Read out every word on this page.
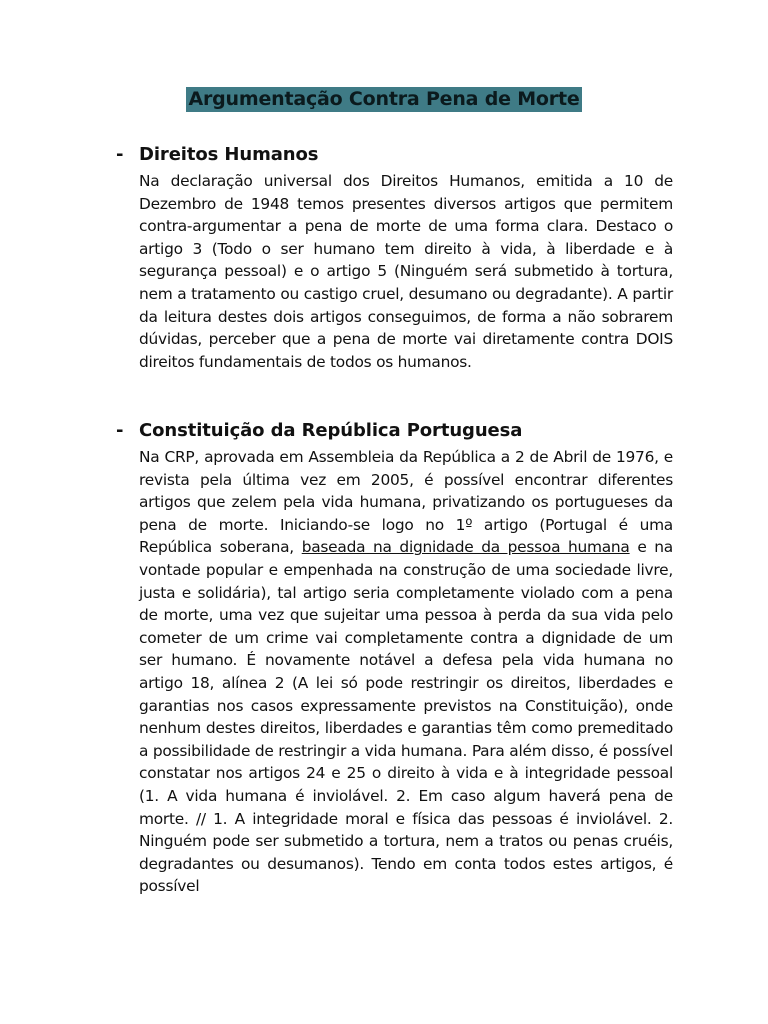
Argumentação Contra Pena de Morte
- Direitos Humanos
Na declaração universal dos Direitos Humanos, emitida a 10 de Dezembro de 1948 temos presentes diversos artigos que permitem contra-argumentar a pena de morte de uma forma clara. Destaco o artigo 3 (Todo o ser humano tem direito à vida, à liberdade e à segurança pessoal) e o artigo 5 (Ninguém será submetido à tortura, nem a tratamento ou castigo cruel, desumano ou degradante). A partir da leitura destes dois artigos conseguimos, de forma a não sobrarem dúvidas, perceber que a pena de morte vai diretamente contra DOIS direitos fundamentais de todos os humanos.
- Constituição da República Portuguesa
Na CRP, aprovada em Assembleia da República a 2 de Abril de 1976, e revista pela última vez em 2005, é possível encontrar diferentes artigos que zelem pela vida humana, privatizando os portugueses da pena de morte. Iniciando-se logo no 1º artigo (Portugal é uma República soberana, baseada na dignidade da pessoa humana e na vontade popular e empenhada na construção de uma sociedade livre, justa e solidária), tal artigo seria completamente violado com a pena de morte, uma vez que sujeitar uma pessoa à perda da sua vida pelo cometer de um crime vai completamente contra a dignidade de um ser humano. É novamente notável a defesa pela vida humana no artigo 18, alínea 2 (A lei só pode restringir os direitos, liberdades e garantias nos casos expressamente previstos na Constituição), onde nenhum destes direitos, liberdades e garantias têm como premeditado a possibilidade de restringir a vida humana. Para além disso, é possível constatar nos artigos 24 e 25 o direito à vida e à integridade pessoal (1. A vida humana é inviolável. 2. Em caso algum haverá pena de morte. // 1. A integridade moral e física das pessoas é inviolável. 2. Ninguém pode ser submetido a tortura, nem a tratos ou penas cruéis, degradantes ou desumanos). Tendo em conta todos estes artigos, é possível
